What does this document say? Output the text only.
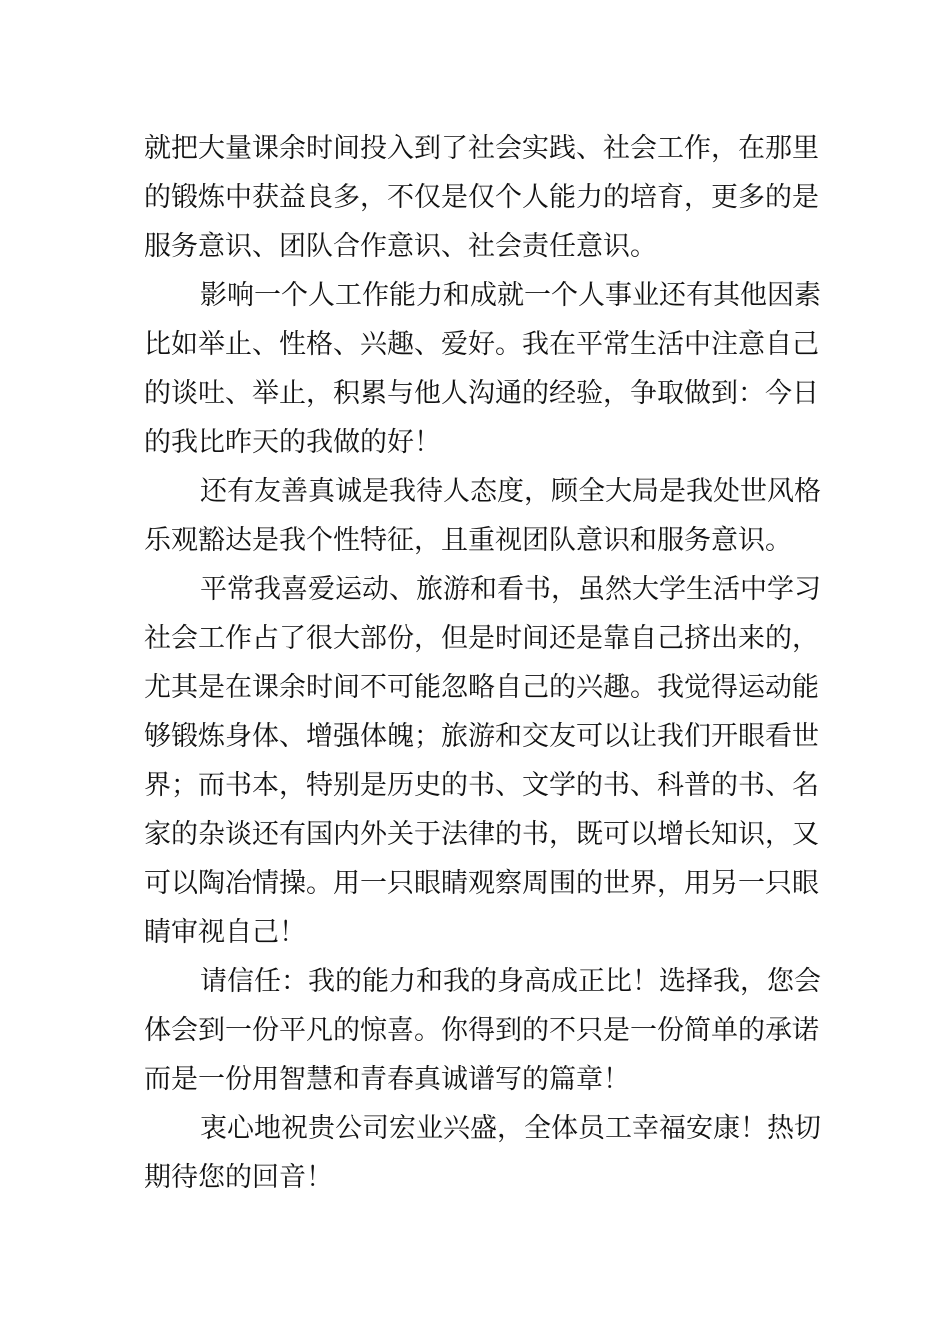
就把大量课余时间投入到了社会实践、社会工作，在那里
的锻炼中获益良多，不仅是仅个人能力的培育，更多的是
服务意识、团队合作意识、社会责任意识。
影响一个人工作能力和成就一个人事业还有其他因素
比如举止、性格、兴趣、爱好。我在平常生活中注意自己
的谈吐、举止，积累与他人沟通的经验，争取做到：今日
的我比昨天的我做的好！
还有友善真诚是我待人态度，顾全大局是我处世风格
乐观豁达是我个性特征，且重视团队意识和服务意识。
平常我喜爱运动、旅游和看书，虽然大学生活中学习
社会工作占了很大部份，但是时间还是靠自己挤出来的，
尤其是在课余时间不可能忽略自己的兴趣。我觉得运动能
够锻炼身体、增强体魄；旅游和交友可以让我们开眼看世
界；而书本，特别是历史的书、文学的书、科普的书、名
家的杂谈还有国内外关于法律的书，既可以增长知识，又
可以陶冶情操。用一只眼睛观察周围的世界，用另一只眼
睛审视自己！
请信任：我的能力和我的身高成正比！选择我，您会
体会到一份平凡的惊喜。你得到的不只是一份简单的承诺
而是一份用智慧和青春真诚谱写的篇章！
衷心地祝贵公司宏业兴盛，全体员工幸福安康！热切
期待您的回音！
